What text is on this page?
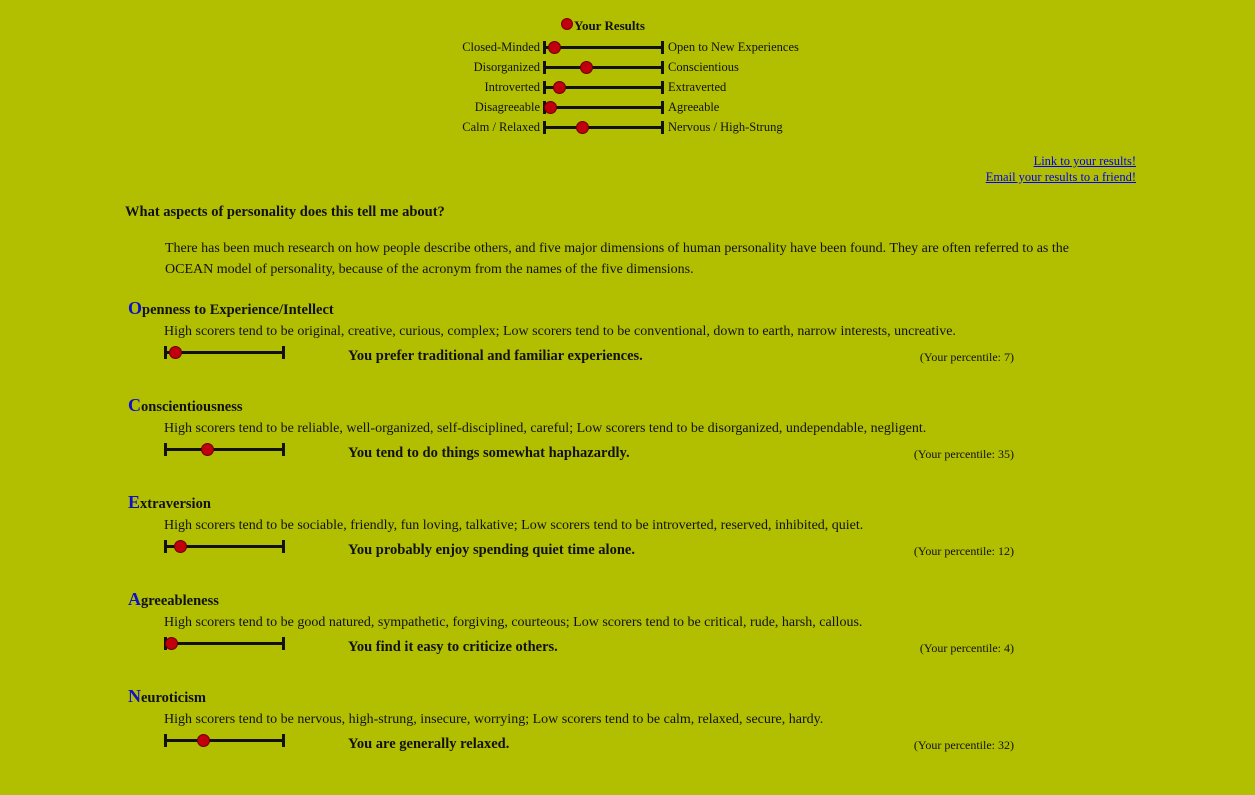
Your Results
Closed-Minded	Open to New Experiences
Disorganized	Conscientious
Introverted	Extraverted
Disagreeable	Agreeable
Calm / Relaxed	Nervous / High-Strung
Link to your results!
Email your results to a friend!
What aspects of personality does this tell me about?
There has been much research on how people describe others, and five major dimensions of human personality have been found. They are often referred to as the OCEAN model of personality, because of the acronym from the names of the five dimensions.
Openness to Experience/Intellect
High scorers tend to be original, creative, curious, complex; Low scorers tend to be conventional, down to earth, narrow interests, uncreative.
You prefer traditional and familiar experiences.	(Your percentile: 7)
Conscientiousness
High scorers tend to be reliable, well-organized, self-disciplined, careful; Low scorers tend to be disorganized, undependable, negligent.
You tend to do things somewhat haphazardly.	(Your percentile: 35)
Extraversion
High scorers tend to be sociable, friendly, fun loving, talkative; Low scorers tend to be introverted, reserved, inhibited, quiet.
You probably enjoy spending quiet time alone.	(Your percentile: 12)
Agreeableness
High scorers tend to be good natured, sympathetic, forgiving, courteous; Low scorers tend to be critical, rude, harsh, callous.
You find it easy to criticize others.	(Your percentile: 4)
Neuroticism
High scorers tend to be nervous, high-strung, insecure, worrying; Low scorers tend to be calm, relaxed, secure, hardy.
You are generally relaxed.	(Your percentile: 32)
